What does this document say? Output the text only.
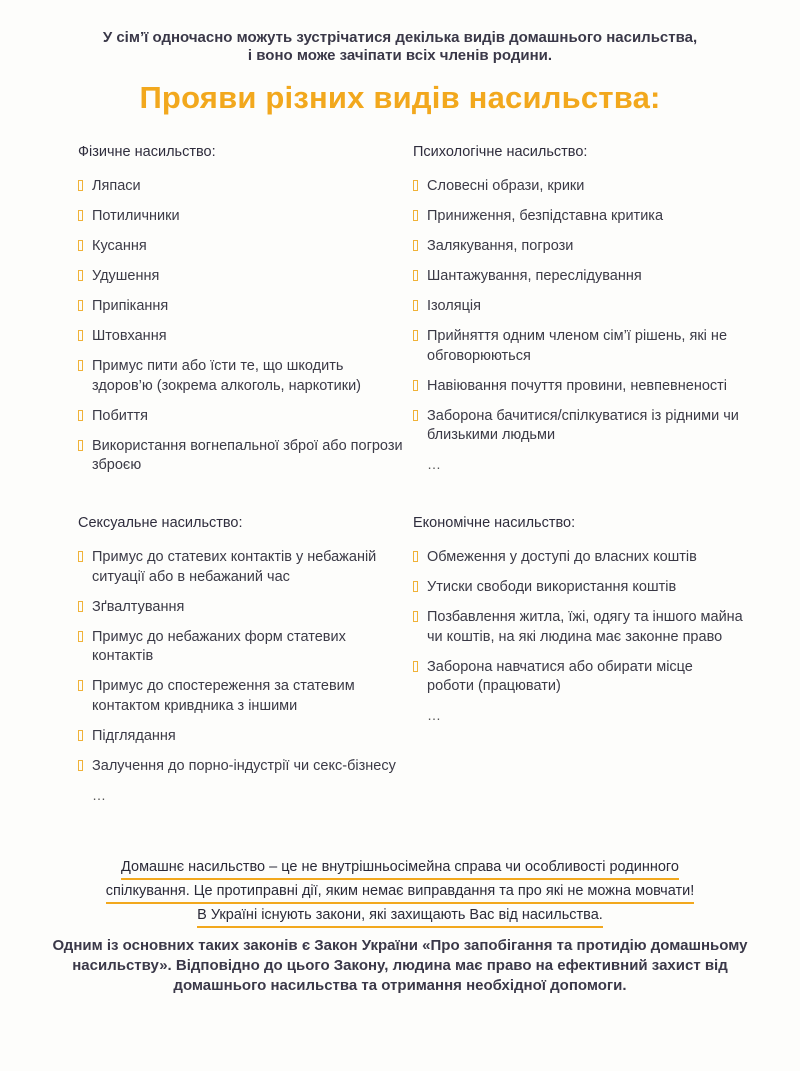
У сім’ї одночасно можуть зустрічатися декілька видів домашнього насильства,
і воно може зачіпати всіх членів родини.
Прояви різних видів насильства:
Фізичне насильство:
Ляпаси
Потиличники
Кусання
Удушення
Припікання
Штовхання
Примус пити або їсти те, що шкодить здоров’ю (зокрема алкоголь, наркотики)
Побиття
Використання вогнепальної зброї або погрози зброєю
Психологічне насильство:
Словесні образи, крики
Приниження, безпідставна критика
Залякування, погрози
Шантажування, переслідування
Ізоляція
Прийняття одним членом сім’ї рішень, які не обговорюються
Навіювання почуття провини, невпевненості
Заборона бачитися/спілкуватися із рідними чи близькими людьми
…
Сексуальне насильство:
Примус до статевих контактів у небажаній ситуації або в небажаний час
Зґвалтування
Примус до небажаних форм статевих контактів
Примус до спостереження за статевим контактом кривдника з іншими
Підглядання
Залучення до порно-індустрії чи секс-бізнесу
…
Економічне насильство:
Обмеження у доступі до власних коштів
Утиски свободи використання коштів
Позбавлення житла, їжі, одягу та іншого майна чи коштів, на які людина має законне право
Заборона навчатися або обирати місце роботи (працювати)
…
Домашнє насильство – це не внутрішньосімейна справа чи особливості родинного
спілкування. Це протиправні дії, яким немає виправдання та про які не можна мовчати!
В Україні існують закони, які захищають Вас від насильства.
Одним із основних таких законів є Закон України «Про запобігання та протидію домашньому
насильству». Відповідно до цього Закону, людина має право на ефективний захист від
домашнього насильства та отримання необхідної допомоги.
